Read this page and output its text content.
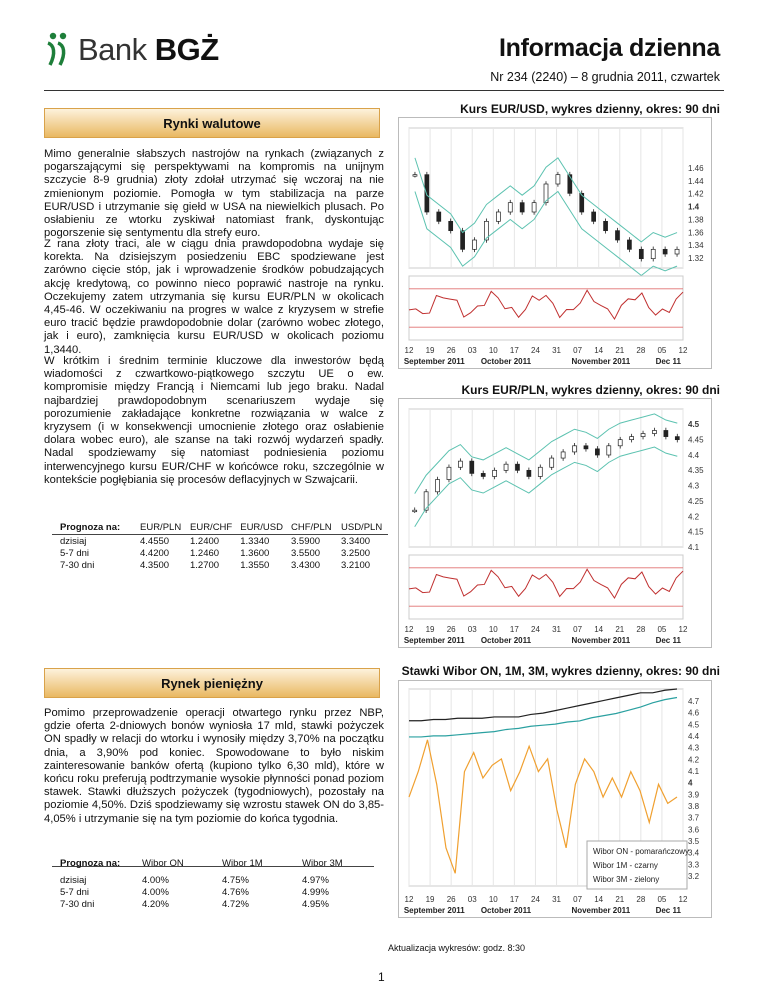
Bank BGŻ	Informacja dzienna
Nr 234 (2240) – 8 grudnia 2011, czwartek
Rynki walutowe

Mimo generalnie słabszych nastrojów na rynkach (związanych z pogarszającymi się perspektywami na kompromis na unijnym szczycie 8-9 grudnia) złoty zdołał utrzymać się wczoraj na nie zmienionym poziomie. Pomogła w tym stabilizacja na parze EUR/USD i utrzymanie się giełd w USA na niewielkich plusach. Po osłabieniu ze wtorku zyskiwał natomiast frank, dyskontując pogorszenie się sentymentu dla strefy euro.

Z rana złoty traci, ale w ciągu dnia prawdopodobna wydaje się korekta. Na dzisiejszym posiedzeniu EBC spodziewane jest zarówno cięcie stóp, jak i wprowadzenie środków pobudzających akcję kredytową, co powinno nieco poprawić nastroje na rynku. Oczekujemy zatem utrzymania się kursu EUR/PLN w okolicach 4,45-46. W oczekiwaniu na progres w walce z kryzysem w strefie euro tracić będzie prawdopodobnie dolar (zarówno wobec złotego, jak i euro), zamknięcia kursu EUR/USD w okolicach poziomu 1,3440.

W krótkim i średnim terminie kluczowe dla inwestorów będą wiadomości z czwartkowo-piątkowego szczytu UE o ew. kompromisie między Francją i Niemcami lub jego braku. Nadal najbardziej prawdopodobnym scenariuszem wydaje się porozumienie zakładające konkretne rozwiązania w walce z kryzysem (i w konsekwencji umocnienie złotego oraz osłabienie dolara wobec euro), ale szanse na taki rozwój wydarzeń spadły. Nadal spodziewamy się natomiast podniesienia poziomu interwencyjnego kursu EUR/CHF w końcówce roku, szczególnie w kontekście pogłębiania się procesów deflacyjnych w Szwajcarii.

Prognoza na:	EUR/PLN	EUR/CHF	EUR/USD	CHF/PLN	USD/PLN
dzisiaj	4.4550	1.2400	1.3340	3.5900	3.3400
5-7 dni	4.4200	1.2460	1.3600	3.5500	3.2500
7-30 dni	4.3500	1.2700	1.3550	3.4300	3.2100
Rynek pieniężny

Pomimo przeprowadzenie operacji otwartego rynku przez NBP, gdzie oferta 2-dniowych bonów wyniosła 17 mld, stawki pożyczek ON spadły w relacji do wtorku i wynosiły między 3,70% na początku dnia, a 3,90% pod koniec. Spowodowane to było niskim zainteresowanie banków ofertą (kupiono tylko 6,30 mld), które w końcu roku preferują podtrzymanie wysokie płynności ponad poziom stawek. Stawki dłuższych pożyczek (tygodniowych), pozostały na poziomie 4,50%. Dziś spodziewamy się wzrostu stawek ON do 3,85-4,05% i utrzymanie się na tym poziomie do końca tygodnia.

Prognoza na:	Wibor ON	Wibor 1M	Wibor 3M
dzisiaj	4.00%	4.75%	4.97%
5-7 dni	4.00%	4.76%	4.99%
7-30 dni	4.20%	4.72%	4.95%
Kurs EUR/USD, wykres dzienny, okres: 90 dni
Kurs EUR/PLN, wykres dzienny, okres: 90 dni
Stawki Wibor ON, 1M, 3M, wykres dzienny, okres: 90 dni
12 19 26 03 10 17 24 31 07 14 21 28 05 12
September 2011 October 2011	November 2011	Dec 11
1.46
1.44
1.42
1.4
1.38
1.36
1.34
1.32
12 19 26 03 10 17 24 31 07 14 21 28 05 12
September 2011 October 2011	November 2011	Dec 11
4.5
4.45
4.4
4.35
4.3
4.25
4.2
4.15
4.1
12 19 26 03 10 17 24 31 07 14 21 28 05 12
September 2011 October 2011	November 2011	Dec 11
4.7
4.6
4.5
4.4
4.3
4.2
4.1
4
3.9
3.8
3.7
3.6
3.5
3.4
3.3
3.2
Wibor ON - pomarańczowy
Wibor 1M - czarny
Wibor 3M - zielony
Aktualizacja wykresów: godz. 8:30
1
